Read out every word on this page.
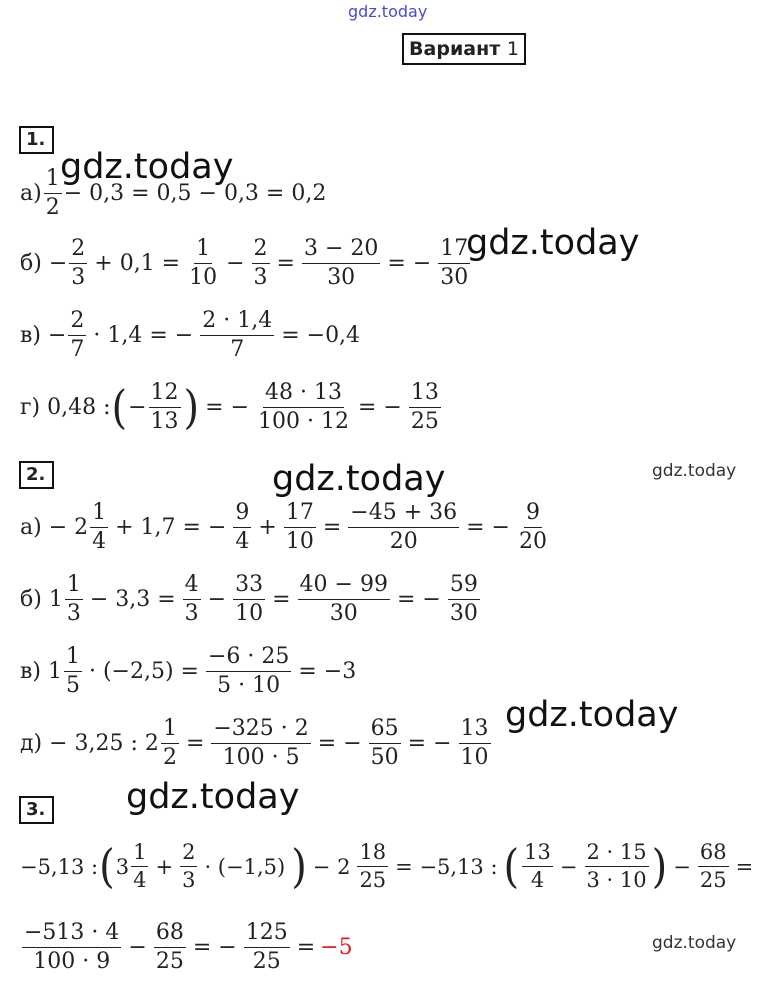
gdz.today
gdz.today
gdz.today
gdz.today	gdz.today
gdz.today
gdz.today
gdz.today
Вариант 1
1.
2.
3.
$а) \frac{1}{2} - 0,3 = 0,5 - 0,3 = 0,2$
$б) - \frac{2}{3} + 0,1 = \frac{1}{10} - \frac{2}{3} = \frac{3 - 20}{30}$ = − $\frac{17}{30}$
$в) - \frac{2}{7} \cdot 1,4$ = − $\frac{2 \cdot 1,4}{7} = -0,4$
г) 0,48 : ( − $\frac{12}{13}$ ) = − $\frac{48 \cdot 13}{100 \cdot 12}$ = − $\frac{13}{25}$
$а) - 2 \frac{1}{4} + 1,7$ = − $\frac{9}{4} + \frac{17}{10} = \frac{-45 + 36}{20}$ = − $\frac{9}{20}$
б) $1 \frac{1}{3} - 3,3 = \frac{4}{3} - \frac{33}{10} = \frac{40 - 99}{30}$ = − $\frac{59}{30}$
в) $1 \frac{1}{5} \cdot (-2,5) = \frac{-6 \cdot 25}{5 \cdot 10} = -3$
д) − 3,25 : $2 \frac{1}{2} = \frac{-325 \cdot 2}{100 \cdot 5}$ = − $\frac{65}{50}$ = − $\frac{13}{10}$
−5,13 : ( $3 \frac{1}{4} + \frac{2}{3} \cdot (-1,5)$ ) − $2 \frac{18}{25} = -5,13$ : ( $\frac{13}{4} - \frac{2 \cdot 15}{3 \cdot 10}$ ) − $\frac{68}{25}$ =
$\frac{-513 \cdot 4}{100 \cdot 9} - \frac{68}{25}$ = − $\frac{125}{25} = -5$
